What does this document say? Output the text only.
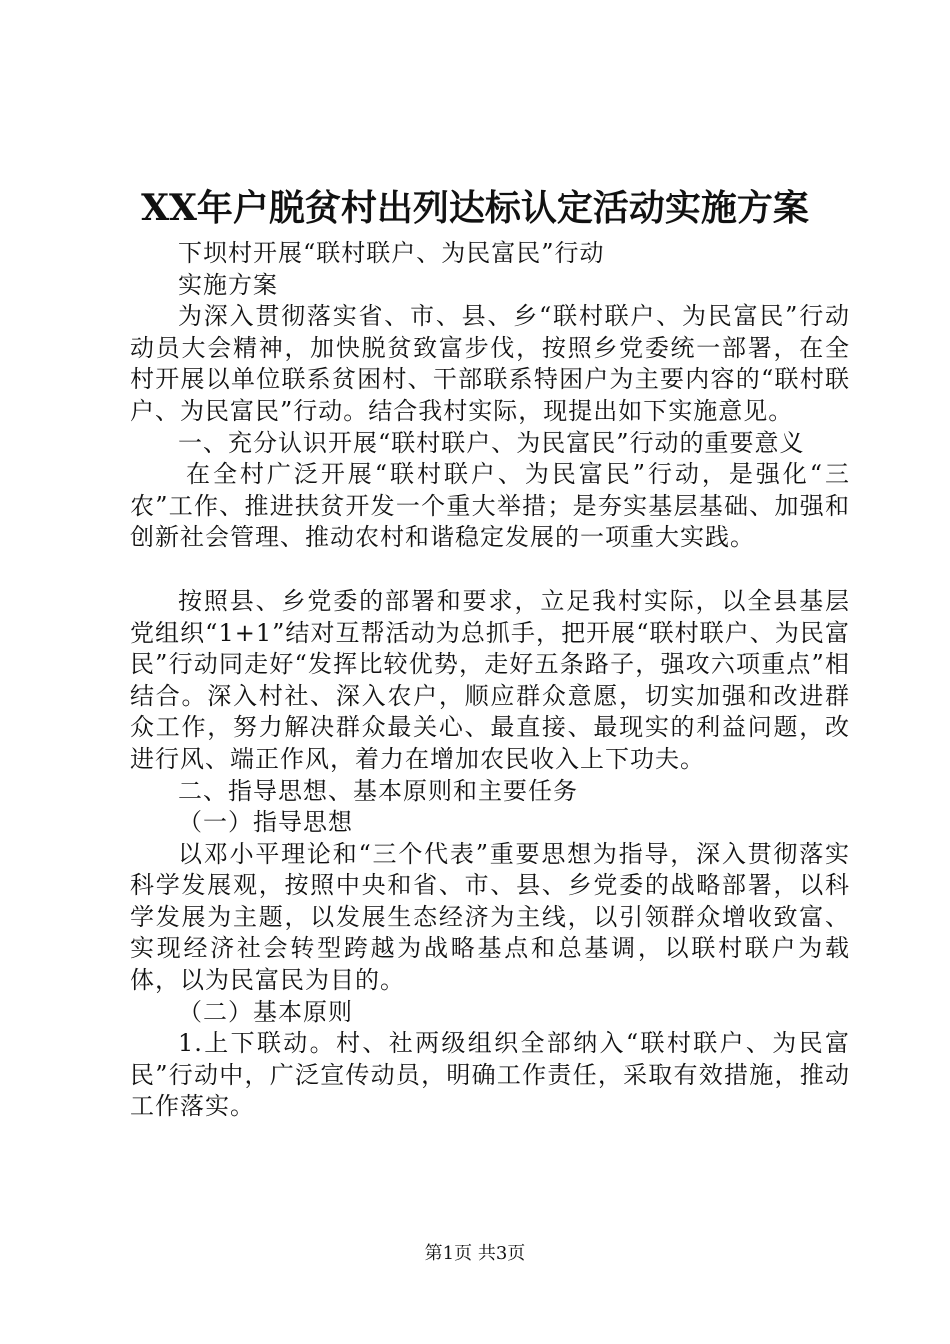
XX年户脱贫村出列达标认定活动实施方案

下坝村开展“联村联户、为民富民”行动

实施方案

为深入贯彻落实省、市、县、乡“联村联户、为民富民”行动动员大会精神，加快脱贫致富步伐，按照乡党委统一部署，在全村开展以单位联系贫困村、干部联系特困户为主要内容的“联村联户、为民富民”行动。结合我村实际，现提出如下实施意见。

一、充分认识开展“联村联户、为民富民”行动的重要意义

在全村广泛开展“联村联户、为民富民”行动，是强化“三农”工作、推进扶贫开发一个重大举措；是夯实基层基础、加强和创新社会管理、推动农村和谐稳定发展的一项重大实践。

按照县、乡党委的部署和要求，立足我村实际，以全县基层党组织“1+1”结对互帮活动为总抓手，把开展“联村联户、为民富民”行动同走好“发挥比较优势，走好五条路子，强攻六项重点”相结合。深入村社、深入农户，顺应群众意愿，切实加强和改进群众工作，努力解决群众最关心、最直接、最现实的利益问题，改进行风、端正作风，着力在增加农民收入上下功夫。

二、指导思想、基本原则和主要任务

（一）指导思想

以邓小平理论和“三个代表”重要思想为指导，深入贯彻落实科学发展观，按照中央和省、市、县、乡党委的战略部署，以科学发展为主题，以发展生态经济为主线，以引领群众增收致富、实现经济社会转型跨越为战略基点和总基调，以联村联户为载体，以为民富民为目的。

（二）基本原则

1.上下联动。村、社两级组织全部纳入“联村联户、为民富民”行动中，广泛宣传动员，明确工作责任，采取有效措施，推动工作落实。

第1页 共3页
